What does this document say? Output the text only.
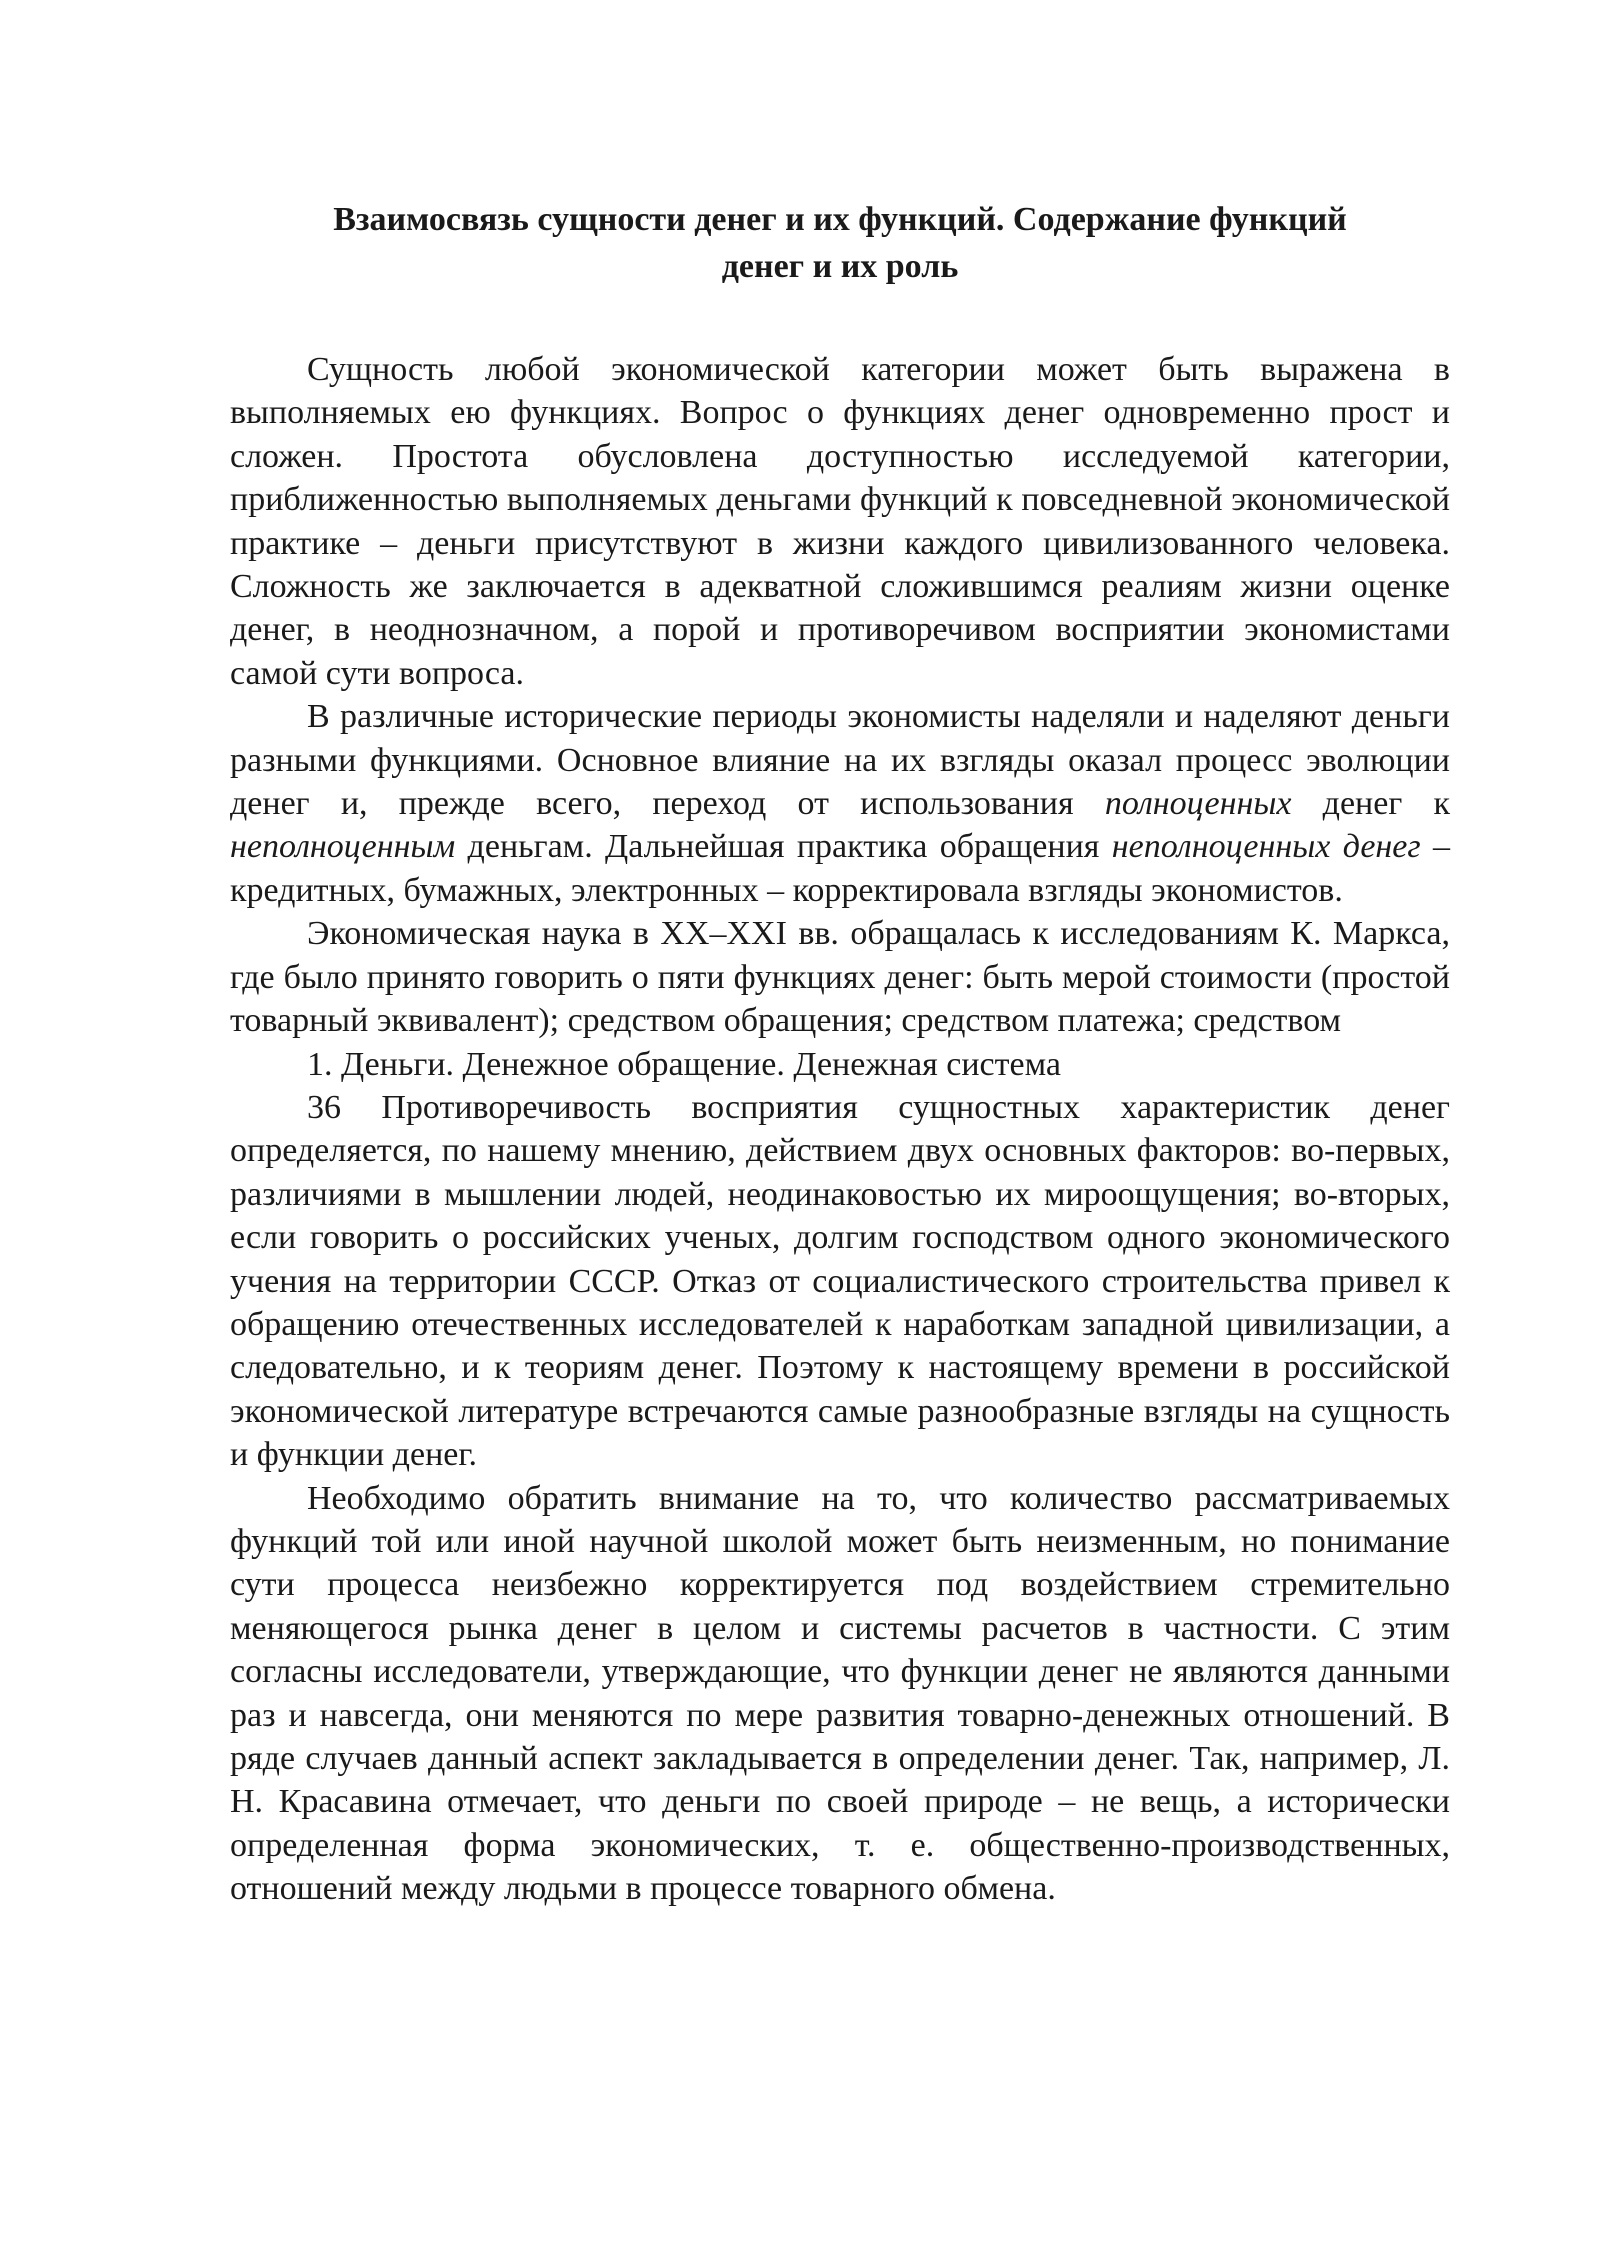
Взаимосвязь сущности денег и их функций. Содержание функций
денег и их роль

Сущность любой экономической категории может быть выражена в выполняемых ею функциях. Вопрос о функциях денег одновременно прост и сложен. Простота обусловлена доступностью исследуемой категории, приближенностью выполняемых деньгами функций к повседневной экономической практике – деньги присутствуют в жизни каждого цивилизованного человека. Сложность же заключается в адекватной сложившимся реалиям жизни оценке денег, в неоднозначном, а порой и противоречивом восприятии экономистами самой сути вопроса.

В различные исторические периоды экономисты наделяли и наделяют деньги разными функциями. Основное влияние на их взгляды оказал процесс эволюции денег и, прежде всего, переход от использования полноценных денег к неполноценным деньгам. Дальнейшая практика обращения неполноценных денег – кредитных, бумажных, электронных – корректировала взгляды экономистов.

Экономическая наука в XX–XXI вв. обращалась к исследованиям К. Маркса, где было принято говорить о пяти функциях денег: быть мерой стоимости (простой товарный эквивалент); средством обращения; средством платежа; средством

1. Деньги. Денежное обращение. Денежная система

36 Противоречивость восприятия сущностных характеристик денег определяется, по нашему мнению, действием двух основных факторов: во-первых, различиями в мышлении людей, неодинаковостью их мироощущения; во-вторых, если говорить о российских ученых, долгим господством одного экономического учения на территории СССР. Отказ от социалистического строительства привел к обращению отечественных исследователей к наработкам западной цивилизации, а следовательно, и к теориям денег. Поэтому к настоящему времени в российской экономической литературе встречаются самые разнообразные взгляды на сущность и функции денег.

Необходимо обратить внимание на то, что количество рассматриваемых функций той или иной научной школой может быть неизменным, но понимание сути процесса неизбежно корректируется под воздействием стремительно меняющегося рынка денег в целом и системы расчетов в частности. С этим согласны исследователи, утверждающие, что функции денег не являются данными раз и навсегда, они меняются по мере развития товарно-денежных отношений. В ряде случаев данный аспект закладывается в определении денег. Так, например, Л. Н. Красавина отмечает, что деньги по своей природе – не вещь, а исторически определенная форма экономических, т. е. общественно-производственных, отношений между людьми в процессе товарного обмена.
